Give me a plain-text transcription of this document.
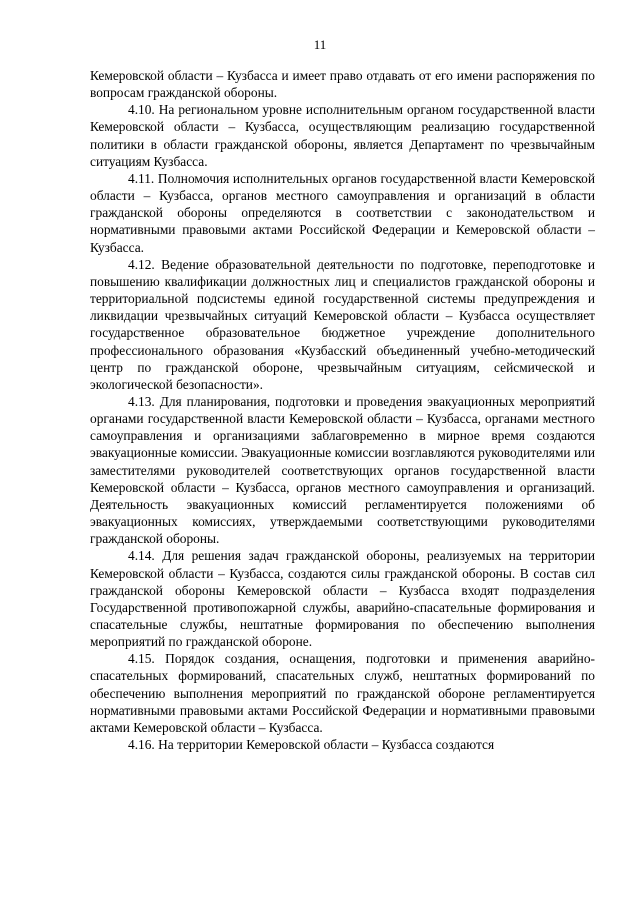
11

Кемеровской области – Кузбасса и имеет право отдавать от его имени распоряжения по вопросам гражданской обороны.

4.10. На региональном уровне исполнительным органом государственной власти Кемеровской области – Кузбасса, осуществляющим реализацию государственной политики в области гражданской обороны, является Департамент по чрезвычайным ситуациям Кузбасса.

4.11. Полномочия исполнительных органов государственной власти Кемеровской области – Кузбасса, органов местного самоуправления и организаций в области гражданской обороны определяются в соответствии с законодательством и нормативными правовыми актами Российской Федерации и Кемеровской области – Кузбасса.

4.12. Ведение образовательной деятельности по подготовке, переподготовке и повышению квалификации должностных лиц и специалистов гражданской обороны и территориальной подсистемы единой государственной системы предупреждения и ликвидации чрезвычайных ситуаций Кемеровской области – Кузбасса осуществляет государственное образовательное бюджетное учреждение дополнительного профессионального образования «Кузбасский объединенный учебно-методический центр по гражданской обороне, чрезвычайным ситуациям, сейсмической и экологической безопасности».

4.13. Для планирования, подготовки и проведения эвакуационных мероприятий органами государственной власти Кемеровской области – Кузбасса, органами местного самоуправления и организациями заблаговременно в мирное время создаются эвакуационные комиссии. Эвакуационные комиссии возглавляются руководителями или заместителями руководителей соответствующих органов государственной власти Кемеровской области – Кузбасса, органов местного самоуправления и организаций. Деятельность эвакуационных комиссий регламентируется положениями об эвакуационных комиссиях, утверждаемыми соответствующими руководителями гражданской обороны.

4.14. Для решения задач гражданской обороны, реализуемых на территории Кемеровской области – Кузбасса, создаются силы гражданской обороны. В состав сил гражданской обороны Кемеровской области – Кузбасса входят подразделения Государственной противопожарной службы, аварийно-спасательные формирования и спасательные службы, нештатные формирования по обеспечению выполнения мероприятий по гражданской обороне.

4.15. Порядок создания, оснащения, подготовки и применения аварийно-спасательных формирований, спасательных служб, нештатных формирований по обеспечению выполнения мероприятий по гражданской обороне регламентируется нормативными правовыми актами Российской Федерации и нормативными правовыми актами Кемеровской области – Кузбасса.

4.16. На территории Кемеровской области – Кузбасса создаются
